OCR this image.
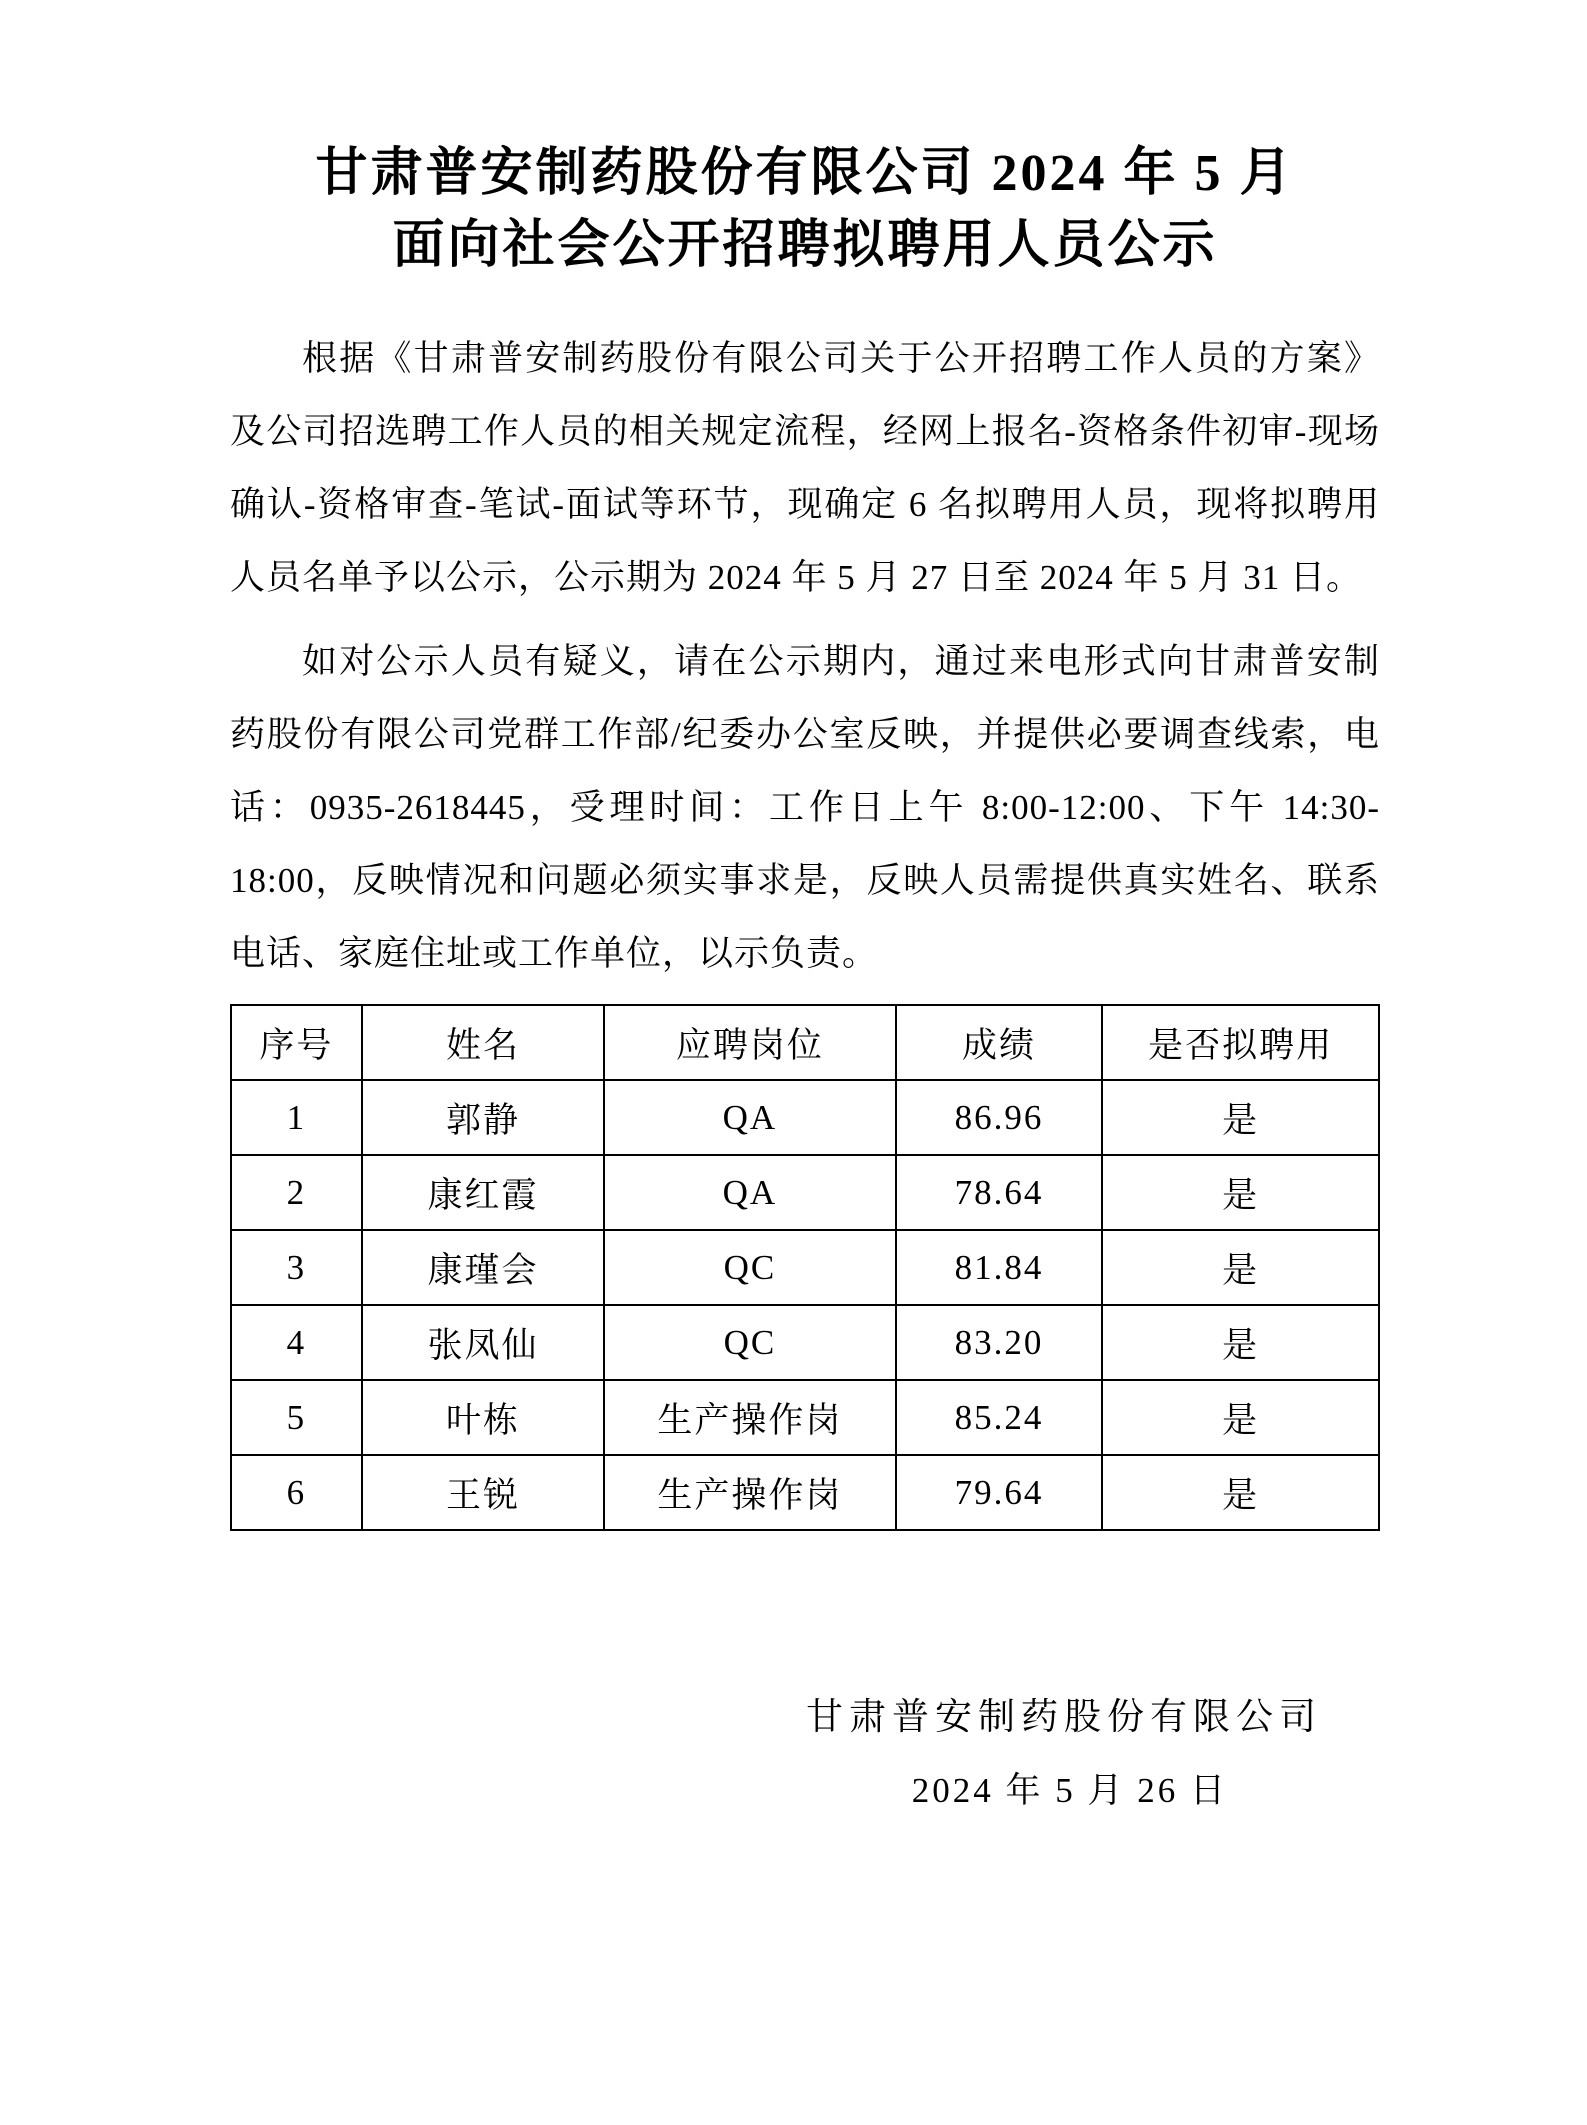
甘肃普安制药股份有限公司 2024 年 5 月
面向社会公开招聘拟聘用人员公示

根据《甘肃普安制药股份有限公司关于公开招聘工作人员的方案》及公司招选聘工作人员的相关规定流程，经网上报名-资格条件初审-现场确认-资格审查-笔试-面试等环节，现确定 6 名拟聘用人员，现将拟聘用人员名单予以公示，公示期为 2024 年 5 月 27 日至 2024 年 5 月 31 日。

如对公示人员有疑义，请在公示期内，通过来电形式向甘肃普安制药股份有限公司党群工作部/纪委办公室反映，并提供必要调查线索，电话：0935-2618445，受理时间：工作日上午 8:00-12:00、下午 14:30-18:00，反映情况和问题必须实事求是，反映人员需提供真实姓名、联系电话、家庭住址或工作单位，以示负责。

序号	姓名	应聘岗位	成绩	是否拟聘用
1	郭静	QA	86.96	是
2	康红霞	QA	78.64	是
3	康瑾会	QC	81.84	是
4	张凤仙	QC	83.20	是
5	叶栋	生产操作岗	85.24	是
6	王锐	生产操作岗	79.64	是
甘肃普安制药股份有限公司
2024 年 5 月 26 日
